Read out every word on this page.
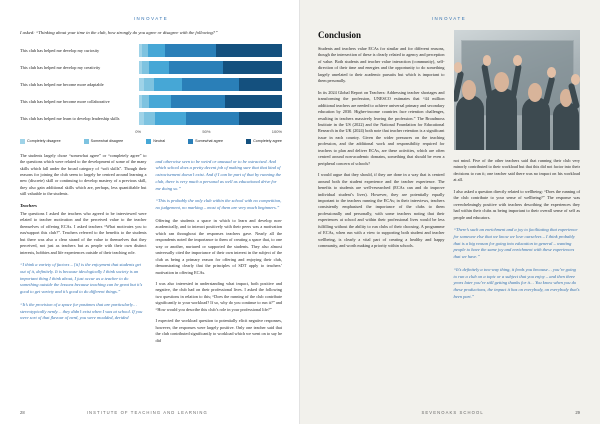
INNOVATE
I asked: “Thinking about your time in the club, how strongly do you agree or disagree with the following?”
This club has helped me develop my curiosity
This club has helped me develop my creativity
This club has helped me become more adaptable
This club has helped me become more collaborative
This club has helped me learn to develop leadership skills
0%	50%	100%
Completely disagree	Somewhat disagree	Neutral	Somewhat agree	Completely agree

The students largely chose “somewhat agree” or “completely agree” to the questions which were related to the development of some of the many skills which fall under the broad category of “soft skills”. Though their reasons for joining the club seem to largely be centred around learning a new (discrete) skill or continuing to develop mastery of a previous skill, they also gain additional skills which are, perhaps, less quantifiable but still valuable to the students.

Teachers

The questions I asked the teachers who agreed to be interviewed were related to teacher motivation and the perceived value to the teacher themselves of offering ECAs. I asked teachers “What motivates you to run/support this club?”. Teachers referred to the benefits to the students but there was also a clear strand of the value to themselves that they perceived, not just as teachers but as people with their own distinct interests, hobbies and life experiences outside of their teaching role.

“I think a variety of factors – [it] is the enjoyment that students get out of it, definitely. It is because ideologically I think society is an important thing I think about, I just occur as a teacher to do something outside the lessons because teaching can be great but it’s good to get variety and it’s good to do different things.”

“It’s the provision of a space for pastimes that are particularly… stereotypically nerdy… they didn’t exist when I was at school. If you were sort of that flavour of nerd, you were moulded, derided

and otherwise seen to be weird or unusual or to be ostracised. And which school does a pretty decent job of making sure that that kind of ostracisement doesn’t exist. And if I can be part of that by running the club, there is very much a personal as well as educational drive for me doing so.”

“This is probably the only club within the school with no competition, no judgement, no marking – most of them are very much beginners.”

Offering the students a space in which to learn and develop non-academically, and to interact positively with their peers was a motivation which ran throughout the responses teachers gave. Nearly all the respondents noted the importance to them of creating a space that, to one way or another, nurtured or supported the students. They also almost universally cited the importance of their own interest in the subject of the club as being a primary reason for offering and enjoying their club, demonstrating clearly that the principles of SDT apply to teachers’ motivation in offering ECAs.

I was also interested in understanding what impact, both positive and negative, the club had on their professional lives. I asked the following two questions in relation to this; “Does the running of the club contribute significantly to your workload? If so, why do you continue to run it?” and “How would you describe this club’s role in your professional life?”

I expected the workload question to potentially elicit negative responses, however, the responses were largely positive. Only one teacher said that the club contributed significantly to workload which we went on to say he did

28	INSTITUTE OF TEACHING AND LEARNING
INNOVATE
Conclusion

Students and teachers value ECAs for similar and for different reasons, though the intersection of these is clearly related to agency and perception of value. Both students and teacher value interaction (community), self-direction of their time and energies and the opportunity to do something largely unrelated to their academic pursuits but which is important to them personally.

In its 2024 Global Report on Teachers: Addressing teacher shortages and transforming the profession, UNESCO estimates that “44 million additional teachers are needed to achieve universal primary and secondary education by 2030. Higher-income countries face retention challenges, resulting in teachers massively leaving the profession.” The Broadmoss Institute in the US (2022) and the National Foundation for Educational Research in the UK (2024) both note that teacher retention is a significant issue in each country. Given the wider pressures on the teaching profession, and the additional work and responsibility required for teachers to plan and deliver ECAs, are these activities, which are often centred around non-academic domains, something that should be even a peripheral concern of schools?

I would argue that they should, if they are done in a way that is centred around both the student experience and the teacher experience. The benefits to students are well-researched (ECAs can and do improve individual student’s lives). However, they are potentially equally important to the teachers running the ECAs; in their interviews, teachers consistently emphasised the importance of the clubs to them professionally and personally, with some teachers noting that their experiences at school and within their professional lives would be less fulfilling without the ability to run clubs of their choosing. A programme of ECAs, when run with a view to supporting both student and teacher wellbeing, is clearly a vital part of creating a healthy and happy community, and worth making a priority within schools.

not mind. Five of the other teachers said that running their club very minorly contributed to their workload but that this did not factor into their decisions to run it; one teacher said there was no impact on his workload at all.

I also asked a question directly related to wellbeing: “Does the running of the club contribute to your sense of wellbeing?” The response was overwhelmingly positive with teachers describing the experiences they had within their clubs as being important to their overall sense of self as people and educators.

“There’s such an enrichment and a joy to facilitating that experience for someone else that we know we love ourselves – I think probably that is a big reason for going into education in general – wanting people to have the same joy and enrichment with these experiences that we have.”

“It’s definitely a two-way thing, it feeds you because… you’re going to run a club on a topic or a subject that you enjoy – and then three years later you’re still getting thanks for it… You know when you do these productions, the impact it has on everybody, on everybody that’s been part.”

SEVENOAKS SCHOOL	29
